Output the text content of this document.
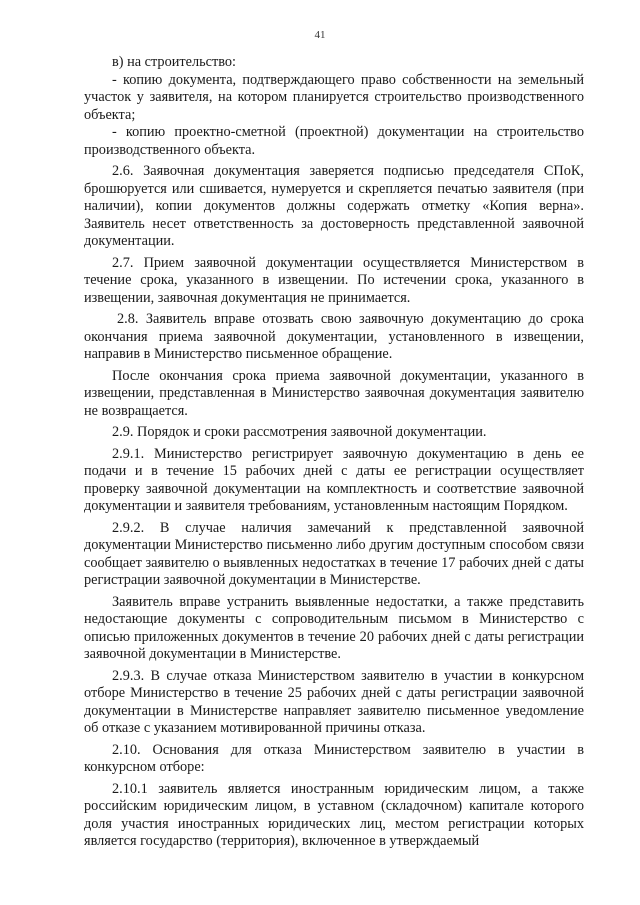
41

в) на строительство:

- копию документа, подтверждающего право собственности на земельный участок у заявителя, на котором планируется строительство производственного объекта;

- копию проектно-сметной (проектной) документации на строительство производственного объекта.

2.6. Заявочная документация заверяется подписью председателя СПоК, брошюруется или сшивается, нумеруется и скрепляется печатью заявителя (при наличии), копии документов должны содержать отметку «Копия верна». Заявитель несет ответственность за достоверность представленной заявочной документации.

2.7. Прием заявочной документации осуществляется Министерством в течение срока, указанного в извещении. По истечении срока, указанного в извещении, заявочная документация не принимается.

2.8. Заявитель вправе отозвать свою заявочную документацию до срока окончания приема заявочной документации, установленного в извещении, направив в Министерство письменное обращение.

После окончания срока приема заявочной документации, указанного в извещении, представленная в Министерство заявочная документация заявителю не возвращается.

2.9. Порядок и сроки рассмотрения заявочной документации.

2.9.1. Министерство регистрирует заявочную документацию в день ее подачи и в течение 15 рабочих дней с даты ее регистрации осуществляет проверку заявочной документации на комплектность и соответствие заявочной документации и заявителя требованиям, установленным настоящим Порядком.

2.9.2. В случае наличия замечаний к представленной заявочной документации Министерство письменно либо другим доступным способом связи сообщает заявителю о выявленных недостатках в течение 17 рабочих дней с даты регистрации заявочной документации в Министерстве.

Заявитель вправе устранить выявленные недостатки, а также представить недостающие документы с сопроводительным письмом в Министерство с описью приложенных документов в течение 20 рабочих дней с даты регистрации заявочной документации в Министерстве.

2.9.3. В случае отказа Министерством заявителю в участии в конкурсном отборе Министерство в течение 25 рабочих дней с даты регистрации заявочной документации в Министерстве направляет заявителю письменное уведомление об отказе с указанием мотивированной причины отказа.

2.10. Основания для отказа Министерством заявителю в участии в конкурсном отборе:

2.10.1 заявитель является иностранным юридическим лицом, а также российским юридическим лицом, в уставном (складочном) капитале которого доля участия иностранных юридических лиц, местом регистрации которых является государство (территория), включенное в утверждаемый
